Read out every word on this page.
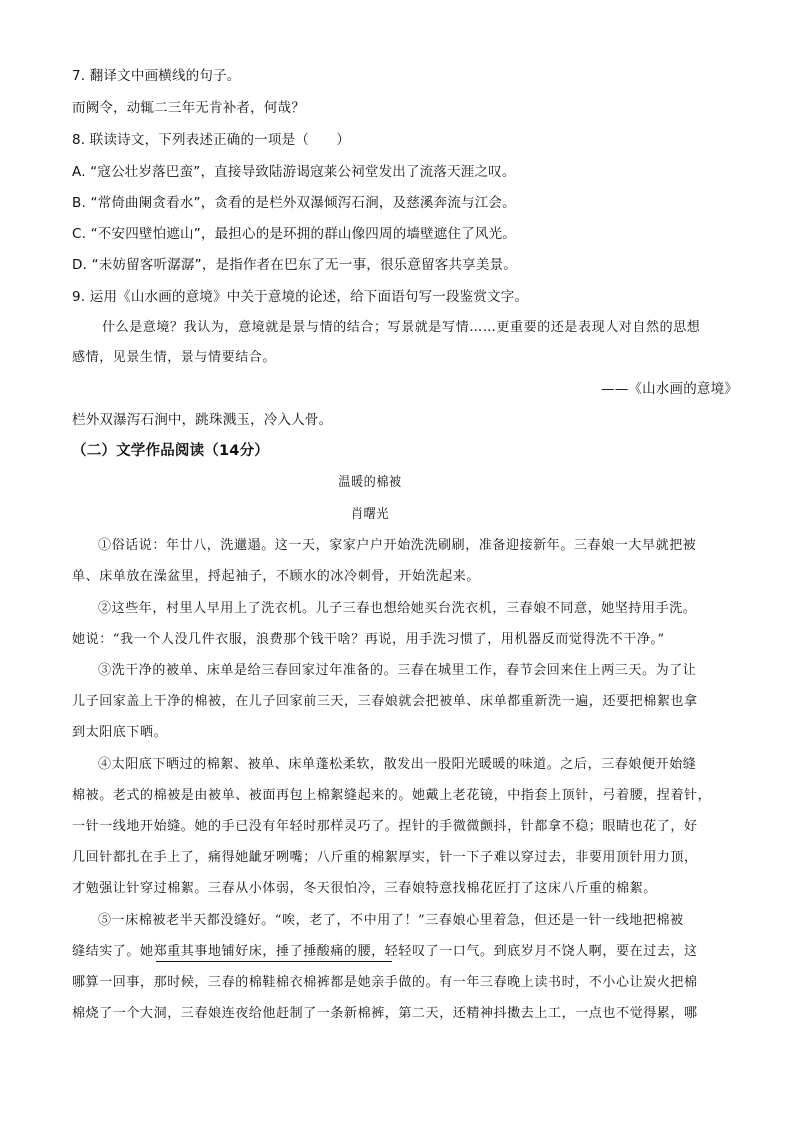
7. 翻译文中画横线的句子。
而阙令，动辄二三年无肯补者，何哉？
8. 联读诗文，下列表述正确的一项是（　　）
A. “寇公壮岁落巴蛮”，直接导致陆游谒寇莱公祠堂发出了流落天涯之叹。
B. “常倚曲阑贪看水”，贪看的是栏外双瀑倾泻石涧，及慈溪奔流与江会。
C. “不安四壁怕遮山”，最担心的是环拥的群山像四周的墙壁遮住了风光。
D. “未妨留客听潺潺”，是指作者在巴东了无一事，很乐意留客共享美景。
9. 运用《山水画的意境》中关于意境的论述，给下面语句写一段鉴赏文字。
什么是意境？我认为，意境就是景与情的结合；写景就是写情……更重要的还是表现人对自然的思想
感情，见景生情，景与情要结合。
——《山水画的意境》
栏外双瀑泻石涧中，跳珠溅玉，冷入人骨。
（二）文学作品阅读（14分）
温暖的棉被
肖曙光
①俗话说：年廿八，洗邋遢。这一天，家家户户开始洗洗刷刷，准备迎接新年。三春娘一大早就把被
单、床单放在澡盆里，捋起袖子，不顾水的冰冷刺骨，开始洗起来。
②这些年，村里人早用上了洗衣机。儿子三春也想给她买台洗衣机，三春娘不同意，她坚持用手洗。
她说：“我一个人没几件衣服，浪费那个钱干啥？再说，用手洗习惯了，用机器反而觉得洗不干净。”
③洗干净的被单、床单是给三春回家过年准备的。三春在城里工作，春节会回来住上两三天。为了让
儿子回家盖上干净的棉被，在儿子回家前三天，三春娘就会把被单、床单都重新洗一遍，还要把棉絮也拿
到太阳底下晒。
④太阳底下晒过的棉絮、被单、床单蓬松柔软，散发出一股阳光暖暖的味道。之后，三春娘便开始缝
棉被。老式的棉被是由被单、被面再包上棉絮缝起来的。她戴上老花镜，中指套上顶针，弓着腰，捏着针，
一针一线地开始缝。她的手已没有年轻时那样灵巧了。捏针的手微微颤抖，针都拿不稳；眼睛也花了，好
几回针都扎在手上了，痛得她龇牙咧嘴；八斤重的棉絮厚实，针一下子难以穿过去，非要用顶针用力顶，
才勉强让针穿过棉絮。三春从小体弱，冬天很怕冷，三春娘特意找棉花匠打了这床八斤重的棉絮。
⑤一床棉被老半天都没缝好。“唉，老了，不中用了！”三春娘心里着急，但还是一针一线地把棉被
缝结实了。她郑重其事地铺好床，捶了捶酸痛的腰，轻轻叹了一口气。到底岁月不饶人啊，要在过去，这
哪算一回事，那时候，三春的棉鞋棉衣棉裤都是她亲手做的。有一年三春晚上读书时，不小心让炭火把棉
棉烧了一个大洞，三春娘连夜给他赶制了一条新棉裤，第二天，还精神抖擞去上工，一点也不觉得累，哪
